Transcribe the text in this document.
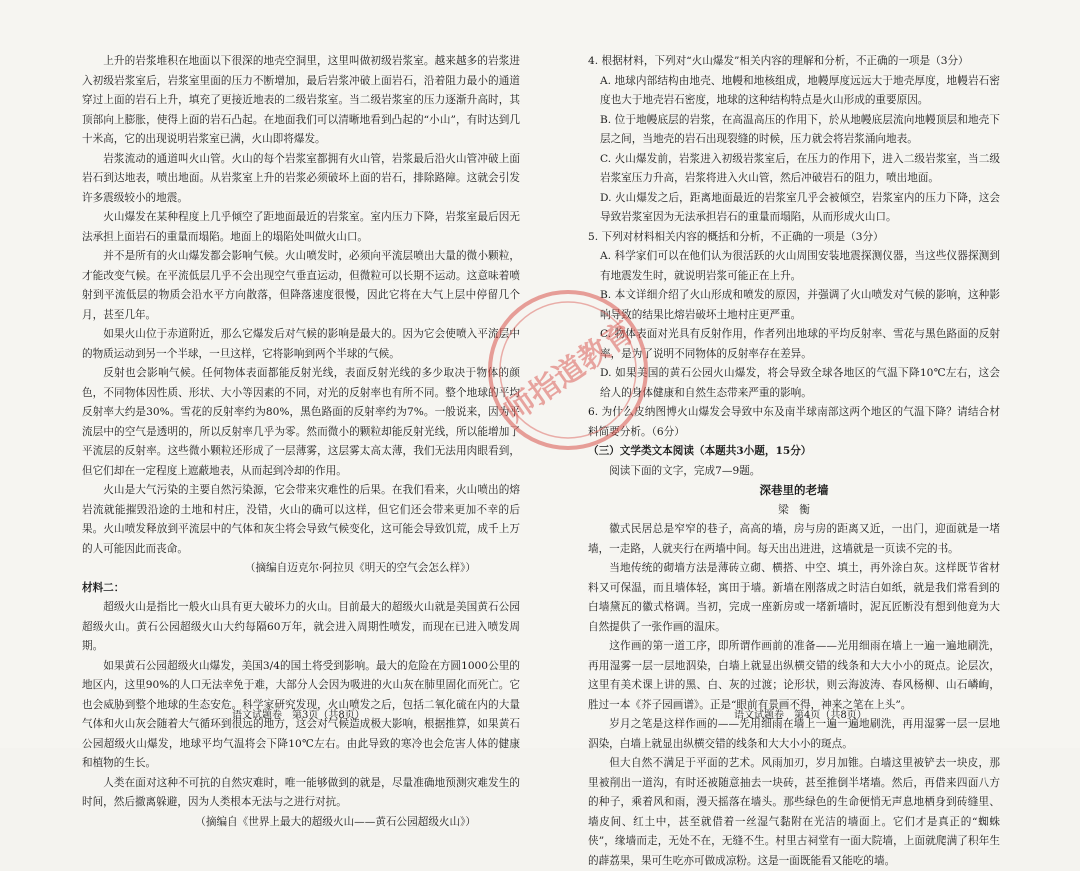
上升的岩浆堆积在地面以下很深的地壳空洞里，这里叫做初级岩浆室。越来越多的岩浆进入初级岩浆室后，岩浆室里面的压力不断增加，最后岩浆冲破上面岩石，沿着阻力最小的通道穿过上面的岩石上升，填充了更接近地表的二级岩浆室。当二级岩浆室的压力逐渐升高时，其顶部向上膨胀，使得上面的岩石凸起。在地面我们可以清晰地看到凸起的“小山”，有时达到几十米高，它的出现说明岩浆室已满，火山即将爆发。

岩浆流动的通道叫火山管。火山的每个岩浆室都拥有火山管，岩浆最后沿火山管冲破上面岩石到达地表，喷出地面。从岩浆室上升的岩浆必须破坏上面的岩石，排除路障。这就会引发许多震级较小的地震。

火山爆发在某种程度上几乎倾空了距地面最近的岩浆室。室内压力下降，岩浆室最后因无法承担上面岩石的重量而塌陷。地面上的塌陷处叫做火山口。

并不是所有的火山爆发都会影响气候。火山喷发时，必须向平流层喷出大量的微小颗粒，才能改变气候。在平流低层几乎不会出现空气垂直运动，但微粒可以长期不运动。这意味着喷射到平流低层的物质会沿水平方向散落，但降落速度很慢，因此它将在大气上层中停留几个月，甚至几年。

如果火山位于赤道附近，那么它爆发后对气候的影响是最大的。因为它会使喷入平流层中的物质运动到另一个半球，一旦这样，它将影响到两个半球的气候。

反射也会影响气候。任何物体表面都能反射光线，表面反射光线的多少取决于物体的颜色，不同物体因性质、形状、大小等因素的不同，对光的反射率也有所不同。整个地球的平均反射率大约是30%。雪花的反射率约为80%，黑色路面的反射率约为7%。一般说来，因为平流层中的空气是透明的，所以反射率几乎为零。然而微小的颗粒却能反射光线，所以能增加了平流层的反射率。这些微小颗粒还形成了一层薄雾，这层雾太高太薄，我们无法用肉眼看到，但它们却在一定程度上遮蔽地表，从而起到冷却的作用。

火山是大气污染的主要自然污染源，它会带来灾难性的后果。在我们看来，火山喷出的熔岩流就能摧毁沿途的土地和村庄，没错，火山的确可以这样，但它们还会带来更加不幸的后果。火山喷发释放到平流层中的气体和灰尘将会导致气候变化，这可能会导致饥荒，成千上万的人可能因此而丧命。

（摘编自迈克尔·阿拉贝《明天的空气会怎么样》）

材料二：

超级火山是指比一般火山具有更大破坏力的火山。目前最大的超级火山就是美国黄石公园超级火山。黄石公园超级火山大约每隔60万年，就会进入周期性喷发，而现在已进入喷发周期。

如果黄石公园超级火山爆发，美国3/4的国土将受到影响。最大的危险在方圆1000公里的地区内，这里90%的人口无法幸免于难，大部分人会因为吸进的火山灰在肺里固化而死亡。它也会威胁到整个地球的生态安危。科学家研究发现，火山喷发之后，包括二氧化硫在内的大量气体和火山灰会随着大气循环到很远的地方，这会对气候造成极大影响，根据推算，如果黄石公园超级火山爆发，地球平均气温将会下降10℃左右。由此导致的寒冷也会危害人体的健康和植物的生长。

人类在面对这种不可抗的自然灾难时，唯一能够做到的就是，尽量准确地预测灾难发生的时间，然后撤离躲避，因为人类根本无法与之进行对抗。

（摘编自《世界上最大的超级火山——黄石公园超级火山》）

4. 根据材料，下列对“火山爆发”相关内容的理解和分析，不正确的一项是（3分）

A. 地球内部结构由地壳、地幔和地核组成，地幔厚度远远大于地壳厚度，地幔岩石密度也大于地壳岩石密度，地球的这种结构特点是火山形成的重要原因。

B. 位于地幔底层的岩浆，在高温高压的作用下，於从地幔底层流向地幔顶层和地壳下层之间，当地壳的岩石出现裂缝的时候，压力就会将岩浆涌向地表。

C. 火山爆发前，岩浆进入初级岩浆室后，在压力的作用下，进入二级岩浆室，当二级岩浆室压力升高，岩浆将进入火山管，然后冲破岩石的阻力，喷出地面。

D. 火山爆发之后，距离地面最近的岩浆室几乎会被倾空，岩浆室内的压力下降，这会导致岩浆室因为无法承担岩石的重量而塌陷，从而形成火山口。

5. 下列对材料相关内容的概括和分析，不正确的一项是（3分）

A. 科学家们可以在他们认为很活跃的火山周围安装地震探测仪器，当这些仪器探测到有地震发生时，就说明岩浆可能正在上升。

B. 本文详细介绍了火山形成和喷发的原因，并强调了火山喷发对气候的影响，这种影响导致的结果比熔岩破坏土地村庄更严重。

C. 物体表面对光具有反射作用，作者列出地球的平均反射率、雪花与黑色路面的反射率，是为了说明不同物体的反射率存在差异。

D. 如果美国的黄石公园火山爆发，将会导致全球各地区的气温下降10℃左右，这会给人的身体健康和自然生态带来严重的影响。

6. 为什么皮纳图博火山爆发会导致中东及南半球南部这两个地区的气温下降？请结合材料简要分析。（6分）

（三）文学类文本阅读（本题共3小题，15分）

阅读下面的文字，完成7—9题。

深巷里的老墙

梁　衡

徽式民居总是窄窄的巷子，高高的墙，房与房的距离又近，一出门，迎面就是一堵墙，一走路，人就夹行在两墙中间。每天出出进进，这墙就是一页读不完的书。

当地传统的砌墙方法是薄砖立砌、横搭、中空、填土，再外涂白灰。这样既节省材料又可保温，而且墙体轻，寓田于墙。新墙在刚落成之时洁白如纸，就是我们常看到的白墙黛瓦的徽式格调。当初，完成一座新房或一堵新墙时，泥瓦匠断没有想到他竟为大自然提供了一张作画的温床。

这作画的第一道工序，即所谓作画前的准备——光用细雨在墙上一遍一遍地刷洗，再用湿雾一层一层地泅染，白墙上就显出纵横交错的线条和大大小小的斑点。论层次，这里有美术课上讲的黑、白、灰的过渡；论形状，则云海波涛、春风杨柳、山石嶙峋，胜过一本《芥子园画谱》。正是“眼前有景画不得，神来之笔在上头”。

岁月之笔是这样作画的——先用细雨在墙上一遍一遍地刷洗，再用湿雾一层一层地泅染，白墙上就显出纵横交错的线条和大大小小的斑点。

但大自然不满足于平面的艺术。风雨加刃，岁月加锥。白墙这里被铲去一块皮，那里被削出一道沟，有时还被随意抽去一块砖，甚至推倒半堵墙。然后，再借来四面八方的种子，乘着风和雨，漫天摇落在墙头。那些绿色的生命便悄无声息地栖身到砖缝里、墙皮间、红土中，甚至就借着一丝湿气黏附在光洁的墙面上。它们才是真正的“蜘蛛侠”，缘墙而走，无处不在，无缝不生。村里古祠堂有一面大院墙，上面就爬满了积年生的薜荔果，果可生吃亦可做成凉粉。这是一面既能看又能吃的墙。

语文试题卷　第3页（共8页）	语文试题卷　第4页（共8页）
师指道教育
